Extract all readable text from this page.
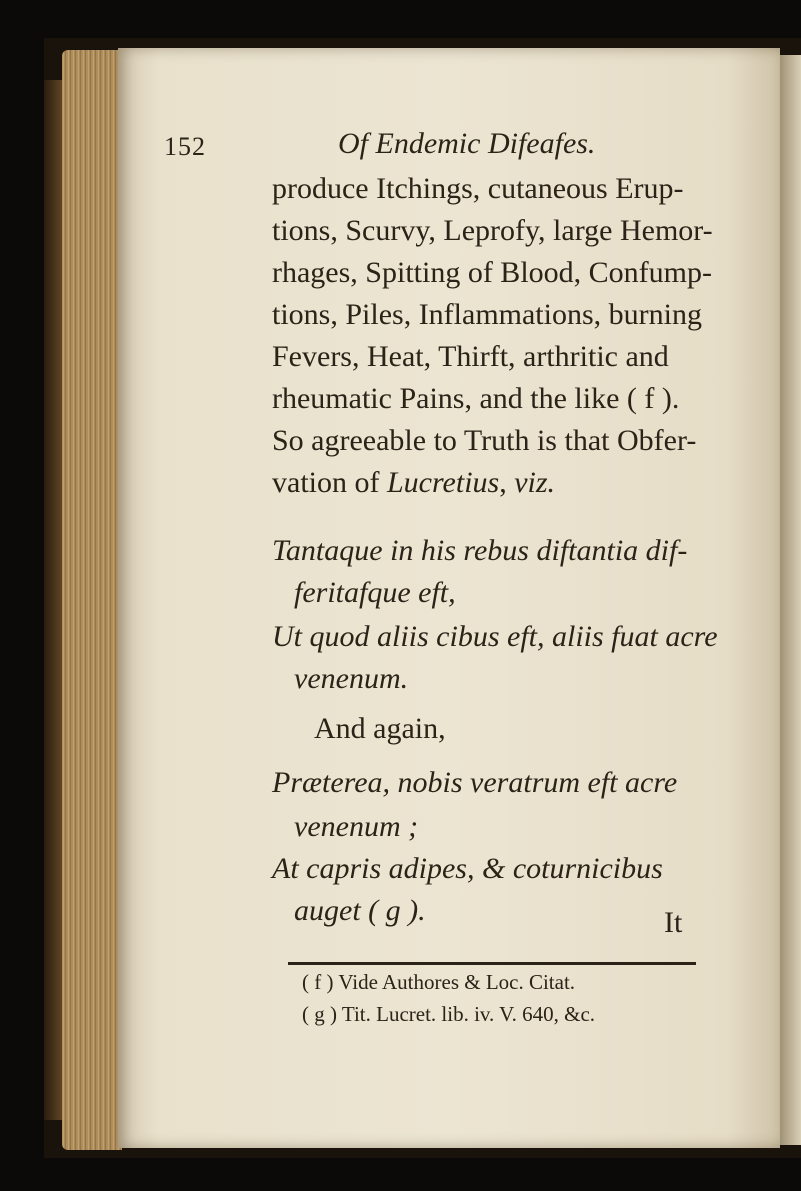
152	Of Endemic Difeafes.
produce Itchings, cutaneous Erup-
tions, Scurvy, Leprofy, large Hemor-
rhages, Spitting of Blood, Confump-
tions, Piles, Inflammations, burning
Fevers, Heat, Thirft, arthritic and
rheumatic Pains, and the like ( f ).
So agreeable to Truth is that Obfer-
vation of Lucretius, viz.
Tantaque in his rebus diftantia dif-
feritafque eft,
Ut quod aliis cibus eft, aliis fuat acre
venenum.
And again,
Præterea, nobis veratrum eft acre
venenum ;
At capris adipes, & coturnicibus
auget ( g ).	It
( f ) Vide Authores & Loc. Citat.
( g ) Tit. Lucret. lib. iv. V. 640, &c.
